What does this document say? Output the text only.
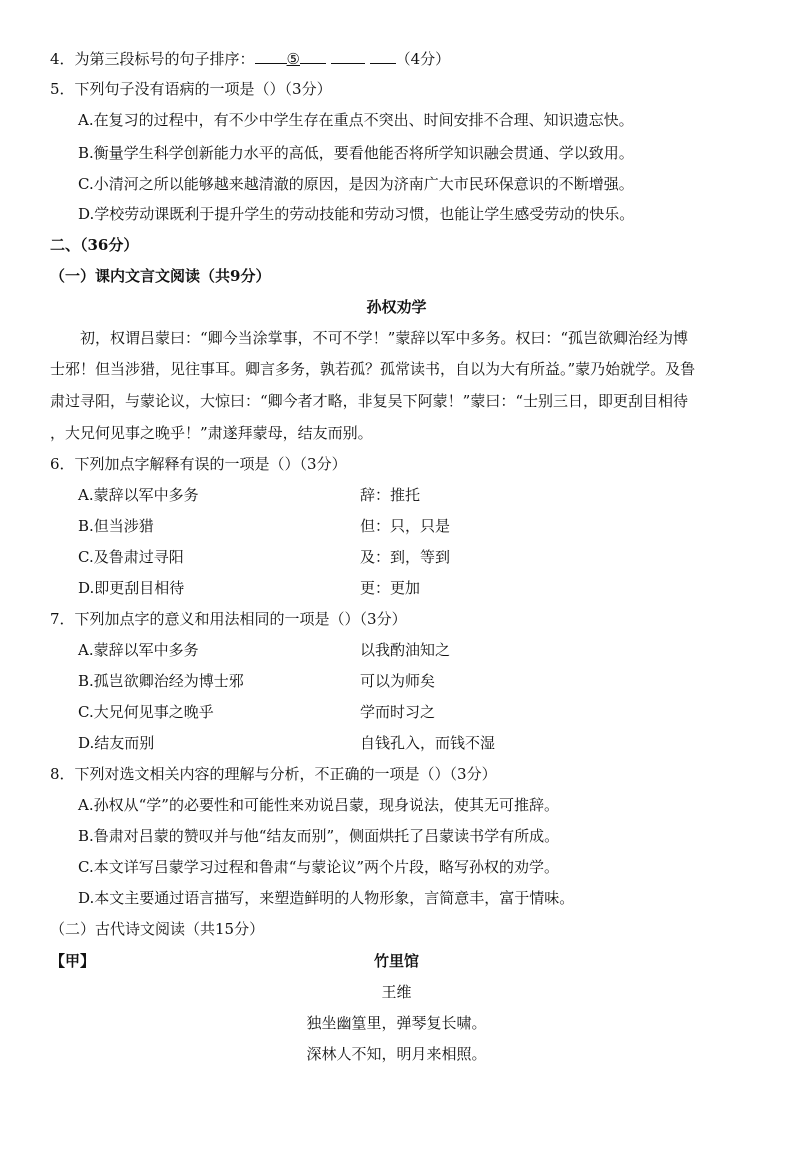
4．为第三段标号的句子排序： ⑤	（4分）
5．下列句子没有语病的一项是（）（3分）
A.在复习的过程中，有不少中学生存在重点不突出、时间安排不合理、知识遗忘快。
B.衡量学生科学创新能力水平的高低，要看他能否将所学知识融会贯通、学以致用。
C.小清河之所以能够越来越清澈的原因，是因为济南广大市民环保意识的不断增强。
D.学校劳动课既利于提升学生的劳动技能和劳动习惯，也能让学生感受劳动的快乐。
二、（36分）
（一）课内文言文阅读（共9分）
孙权劝学
初，权谓吕蒙曰：“卿今当涂掌事，不可不学！”蒙辞以军中多务。权曰：“孤岂欲卿治经为博
士邪！但当涉猎，见往事耳。卿言多务，孰若孤？孤常读书，自以为大有所益。”蒙乃始就学。及鲁
肃过寻阳，与蒙论议，大惊曰：“卿今者才略，非复吴下阿蒙！”蒙曰：“士别三日，即更刮目相待
，大兄何见事之晚乎！”肃遂拜蒙母，结友而别。
6．下列加点字解释有误的一项是（）（3分）
A.蒙辞以军中多务	辞：推托
B.但当涉猎	但：只，只是
C.及鲁肃过寻阳	及：到，等到
D.即更刮目相待	更：更加
7．下列加点字的意义和用法相同的一项是（）（3分）
A.蒙辞以军中多务	以我酌油知之
B.孤岂欲卿治经为博士邪	可以为师矣
C.大兄何见事之晚乎	学而时习之
D.结友而别	自钱孔入，而钱不湿
8．下列对选文相关内容的理解与分析，不正确的一项是（）（3分）
A.孙权从“学”的必要性和可能性来劝说吕蒙，现身说法，使其无可推辞。
B.鲁肃对吕蒙的赞叹并与他“结友而别”，侧面烘托了吕蒙读书学有所成。
C.本文详写吕蒙学习过程和鲁肃“与蒙论议”两个片段，略写孙权的劝学。
D.本文主要通过语言描写，来塑造鲜明的人物形象，言简意丰，富于情味。
（二）古代诗文阅读（共15分）
【甲】	竹里馆
王维
独坐幽篁里，弹琴复长啸。
深林人不知，明月来相照。
